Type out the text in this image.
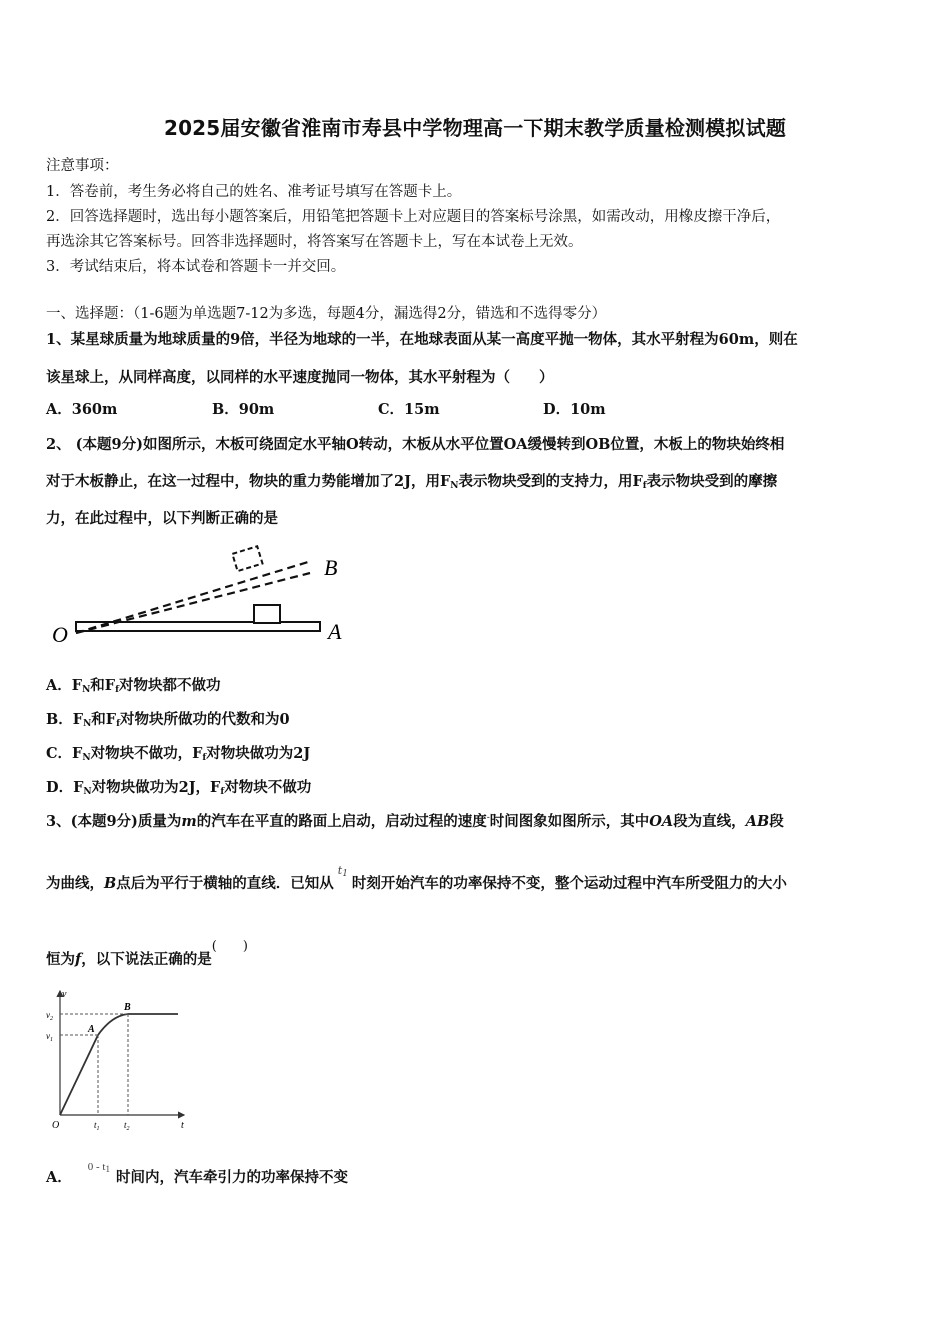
2025届安徽省淮南市寿县中学物理高一下期末教学质量检测模拟试题
注意事项：
1．答卷前，考生务必将自己的姓名、准考证号填写在答题卡上。
2．回答选择题时，选出每小题答案后，用铅笔把答题卡上对应题目的答案标号涂黑，如需改动，用橡皮擦干净后，
再选涂其它答案标号。回答非选择题时，将答案写在答题卡上，写在本试卷上无效。
3．考试结束后，将本试卷和答题卡一并交回。
一、选择题：（1-6题为单选题7-12为多选，每题4分，漏选得2分，错选和不选得零分）
1、某星球质量为地球质量的9倍，半径为地球的一半，在地球表面从某一高度平抛一物体，其水平射程为60m，则在
该星球上，从同样高度，以同样的水平速度抛同一物体，其水平射程为（　　）
A．360m	B．90m	C．15m	D．10m
2、 (本题9分)如图所示，木板可绕固定水平轴O转动，木板从水平位置OA缓慢转到OB位置，木板上的物块始终相
对于木板静止，在这一过程中，物块的重力势能增加了2J，用$F_N$表示物块受到的支持力，用$F_f$表示物块受到的摩擦
力，在此过程中，以下判断正确的是
O	A
B
A．$F_N$和$F_f$对物块都不做功
B．$F_N$和$F_f$对物块所做功的代数和为0
C．$F_N$对物块不做功，$F_f$对物块做功为2J
D．$F_N$对物块做功为2J，$F_f$对物块不做功
3、(本题9分)质量为m的汽车在平直的路面上启动，启动过程的速度-时间图象如图所示，其中OA段为直线，AB段
为曲线，B点后为平行于横轴的直线．已知从$^{t_1}$时刻开始汽车的功率保持不变，整个运动过程中汽车所受阻力的大小
恒为f，以下说法正确的是(　　)
v
$v_2$
$v_1$
A
B
O	$t_1$	$t_2$	t
A．$^{0 - t_1}$ 时间内，汽车牵引力的功率保持不变
